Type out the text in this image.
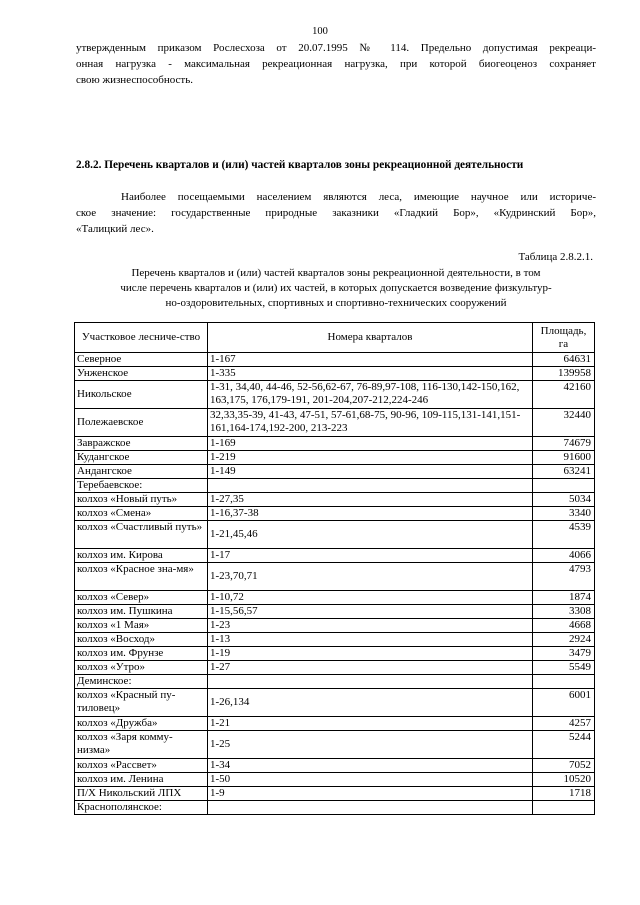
100
утвержденным приказом Рослесхоза от 20.07.1995 № 114. Предельно допустимая рекреаци-
онная нагрузка - максимальная рекреационная нагрузка, при которой биогеоценоз сохраняет
свою жизнеспособность.
2.8.2. Перечень кварталов и (или) частей кварталов зоны рекреационной деятельности
Наиболее посещаемыми населением являются леса, имеющие научное или историче-
ское значение: государственные природные заказники «Гладкий Бор», «Кудринский Бор»,
«Талицкий лес».
Таблица 2.8.2.1.
Перечень кварталов и (или) частей кварталов зоны рекреационной деятельности, в том
числе перечень кварталов и (или) их частей, в которых допускается возведение физкультур-
но-оздоровительных, спортивных и спортивно-технических сооружений
Участковое лесниче-ство	Номера кварталов	Площадь, га
Северное	1-167	64631
Унженское	1-335	139958
Никольское	1-31, 34,40, 44-46, 52-56,62-67, 76-89,97-108, 116-130,142-150,162, 163,175, 176,179-191, 201-204,207-212,224-246	42160
Полежаевское	32,33,35-39, 41-43, 47-51, 57-61,68-75, 90-96, 109-115,131-141,151-161,164-174,192-200, 213-223	32440
Завражское	1-169	74679
Кудангское	1-219	91600
Андангское	1-149	63241
Теребаевское:		
колхоз «Новый путь»	1-27,35	5034
колхоз «Смена»	1-16,37-38	3340
колхоз «Счастливый путь»	1-21,45,46	4539
колхоз им. Кирова	1-17	4066
колхоз «Красное зна-мя»	1-23,70,71	4793
колхоз «Север»	1-10,72	1874
колхоз им. Пушкина	1-15,56,57	3308
колхоз «1 Мая»	1-23	4668
колхоз «Восход»	1-13	2924
колхоз им. Фрунзе	1-19	3479
колхоз «Утро»	1-27	5549
Деминское:		
колхоз «Красный пу-тиловец»	1-26,134	6001
колхоз «Дружба»	1-21	4257
колхоз «Заря комму-низма»	1-25	5244
колхоз «Рассвет»	1-34	7052
колхоз им. Ленина	1-50	10520
П/Х Никольский ЛПХ	1-9	1718
Краснополянское:		
